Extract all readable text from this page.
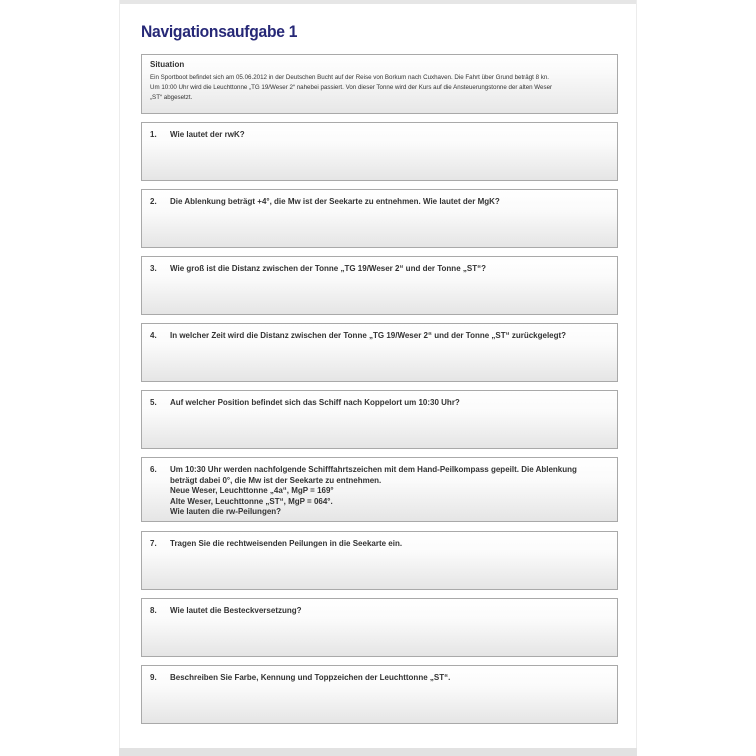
Navigationsaufgabe 1
Situation
Ein Sportboot befindet sich am 05.06.2012 in der Deutschen Bucht auf der Reise von Borkum nach Cuxhaven. Die Fahrt über Grund beträgt 8 kn.
Um 10:00 Uhr wird die Leuchttonne „TG 19/Weser 2“ nahebei passiert. Von dieser Tonne wird der Kurs auf die Ansteuerungstonne der alten Weser
„ST“ abgesetzt.
1. Wie lautet der rwK?
2. Die Ablenkung beträgt +4°, die Mw ist der Seekarte zu entnehmen. Wie lautet der MgK?
3. Wie groß ist die Distanz zwischen der Tonne „TG 19/Weser 2“ und der Tonne „ST“?
4. In welcher Zeit wird die Distanz zwischen der Tonne „TG 19/Weser 2“ und der Tonne „ST“ zurückgelegt?
5. Auf welcher Position befindet sich das Schiff nach Koppelort um 10:30 Uhr?
6. Um 10:30 Uhr werden nachfolgende Schifffahrtszeichen mit dem Hand-Peilkompass gepeilt. Die Ablenkung
beträgt dabei 0°, die Mw ist der Seekarte zu entnehmen.
Neue Weser, Leuchttonne „4a“, MgP = 169°
Alte Weser, Leuchttonne „ST“, MgP = 064°.
Wie lauten die rw-Peilungen?
7. Tragen Sie die rechtweisenden Peilungen in die Seekarte ein.
8. Wie lautet die Besteckversetzung?
9. Beschreiben Sie Farbe, Kennung und Toppzeichen der Leuchttonne „ST“.
